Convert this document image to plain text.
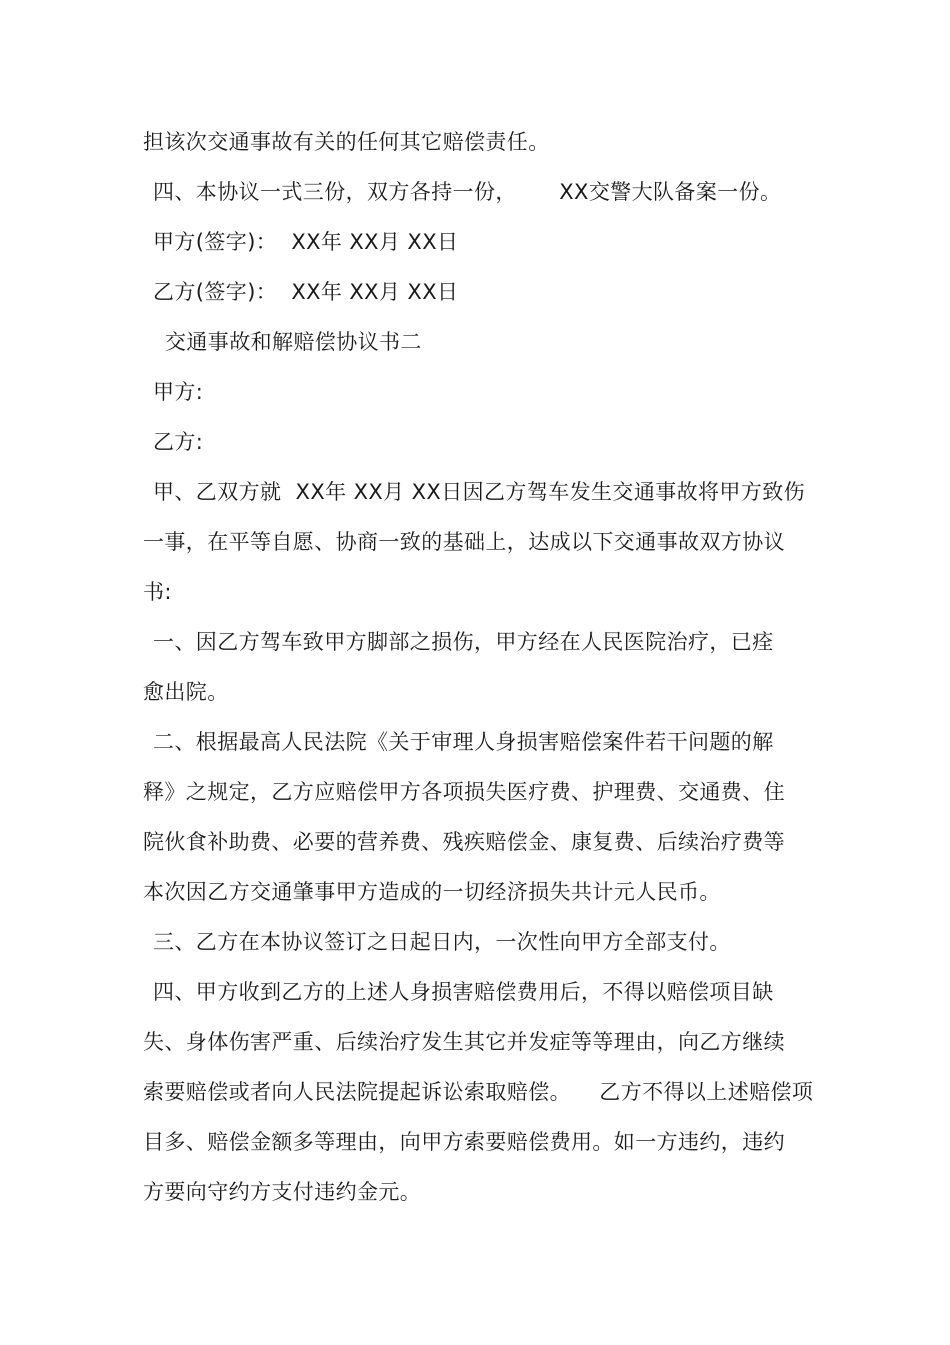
担该次交通事故有关的任何其它赔偿责任。
四、本协议一式三份，双方各持一份，      XX交警大队备案一份。
甲方(签字)：  XX年 XX月 XX日
乙方(签字)：  XX年 XX月 XX日
交通事故和解赔偿协议书二
甲方:
乙方:
甲、乙双方就  XX年 XX月 XX日因乙方驾车发生交通事故将甲方致伤
一事，在平等自愿、协商一致的基础上，达成以下交通事故双方协议
书:
一、因乙方驾车致甲方脚部之损伤，甲方经在人民医院治疗，已痊
愈出院。
二、根据最高人民法院《关于审理人身损害赔偿案件若干问题的解
释》之规定，乙方应赔偿甲方各项损失医疗费、护理费、交通费、住
院伙食补助费、必要的营养费、残疾赔偿金、康复费、后续治疗费等
本次因乙方交通肇事甲方造成的一切经济损失共计元人民币。
三、乙方在本协议签订之日起日内，一次性向甲方全部支付。
四、甲方收到乙方的上述人身损害赔偿费用后，不得以赔偿项目缺
失、身体伤害严重、后续治疗发生其它并发症等等理由，向乙方继续
索要赔偿或者向人民法院提起诉讼索取赔偿。    乙方不得以上述赔偿项
目多、赔偿金额多等理由，向甲方索要赔偿费用。如一方违约，违约
方要向守约方支付违约金元。
